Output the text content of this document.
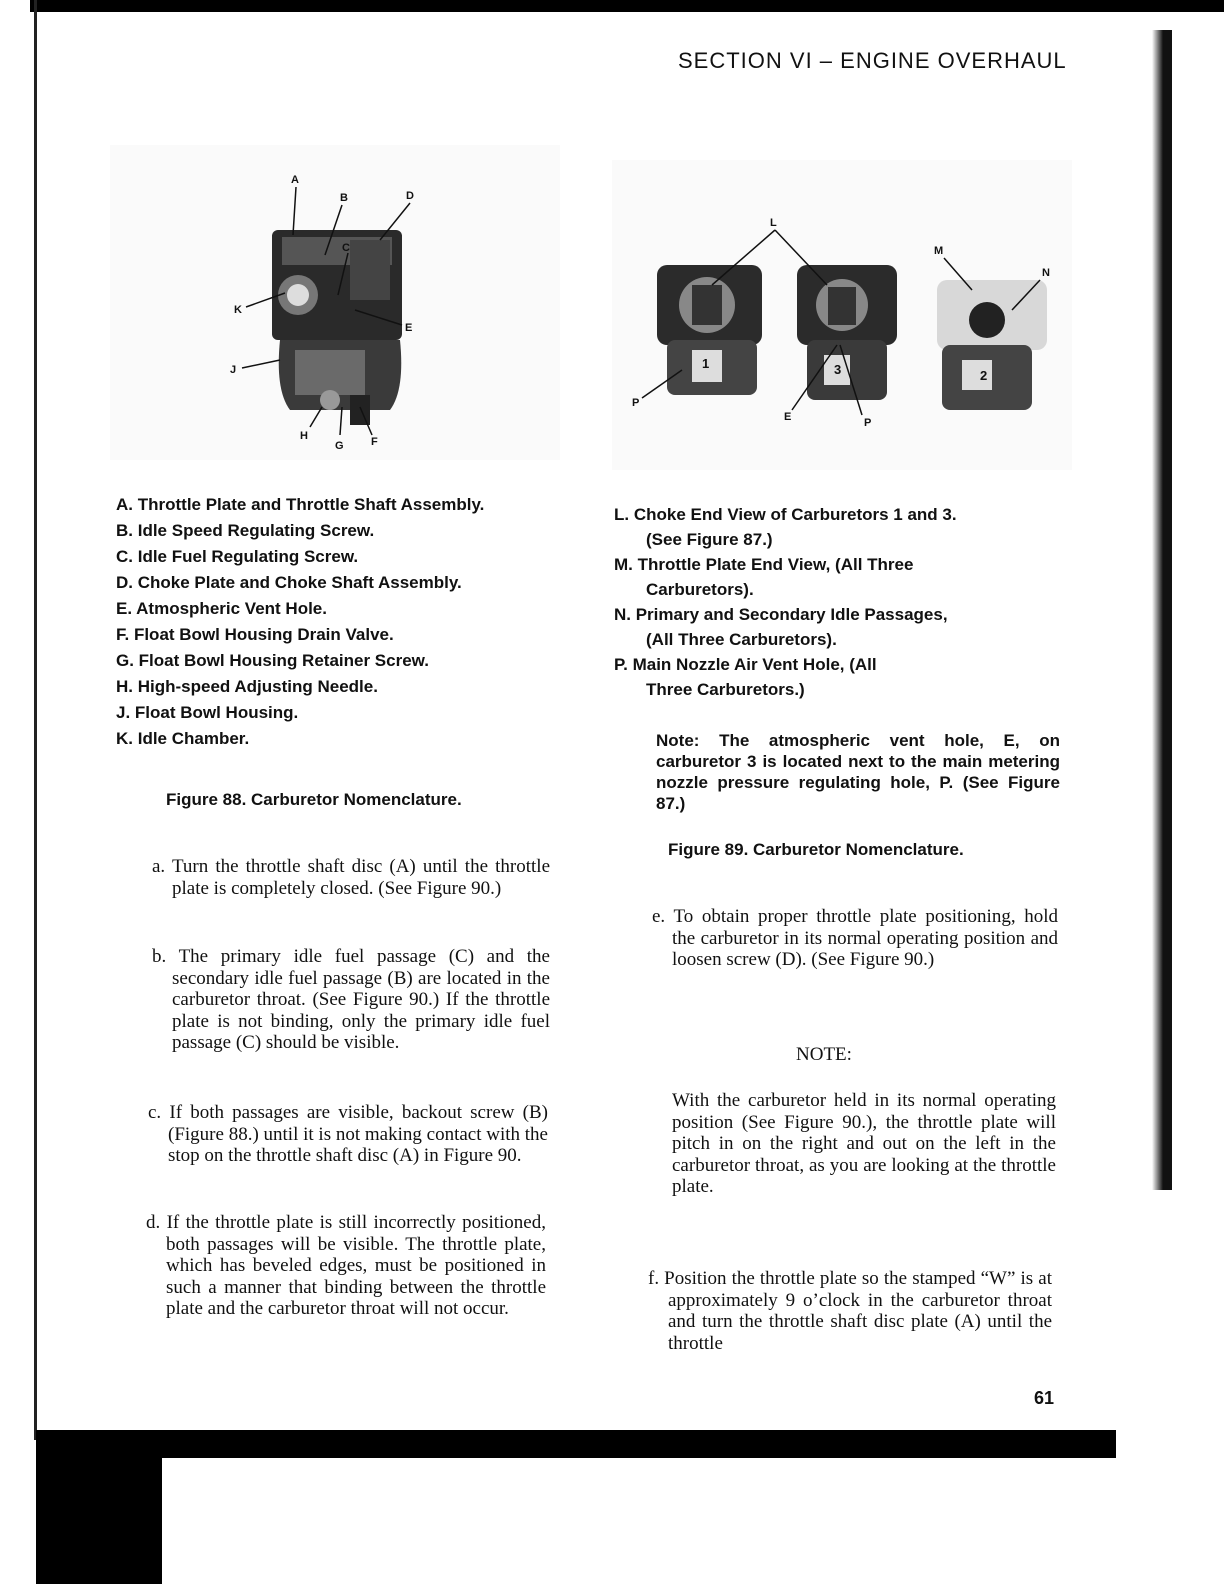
SECTION VI – ENGINE OVERHAUL
A
B	D
C
K
E
J
H
G F
A. Throttle Plate and Throttle Shaft Assembly.
B. Idle Speed Regulating Screw.
C. Idle Fuel Regulating Screw.
D. Choke Plate and Choke Shaft Assembly.
E. Atmospheric Vent Hole.
F. Float Bowl Housing Drain Valve.
G. Float Bowl Housing Retainer Screw.
H. High-speed Adjusting Needle.
J. Float Bowl Housing.
K. Idle Chamber.
Figure 88. Carburetor Nomenclature.
L
M
N
1	3	2
P
E	P
L. Choke End View of Carburetors 1 and 3.
(See Figure 87.)
M. Throttle Plate End View, (All Three
Carburetors).
N. Primary and Secondary Idle Passages,
(All Three Carburetors).
P. Main Nozzle Air Vent Hole, (All
Three Carburetors.)
Note: The atmospheric vent hole, E, on carburetor 3 is located next to the main metering nozzle pressure regulating hole, P. (See Figure 87.)
Figure 89. Carburetor Nomenclature.
a. Turn the throttle shaft disc (A) until the throttle plate is completely closed. (See Figure 90.)
b. The primary idle fuel passage (C) and the secondary idle fuel passage (B) are located in the carburetor throat. (See Figure 90.) If the throttle plate is not binding, only the primary idle fuel passage (C) should be visible.
c. If both passages are visible, backout screw (B) (Figure 88.) until it is not making contact with the stop on the throttle shaft disc (A) in Figure 90.
d. If the throttle plate is still incorrectly positioned, both passages will be visible. The throttle plate, which has beveled edges, must be positioned in such a manner that binding between the throttle plate and the carburetor throat will not occur.
e. To obtain proper throttle plate positioning, hold the carburetor in its normal operating position and loosen screw (D). (See Figure 90.)
NOTE:
With the carburetor held in its normal operating position (See Figure 90.), the throttle plate will pitch in on the right and out on the left in the carburetor throat, as you are looking at the throttle plate.
f. Position the throttle plate so the stamped “W” is at approximately 9 o’clock in the carburetor throat and turn the throttle shaft disc plate (A) until the throttle
61
